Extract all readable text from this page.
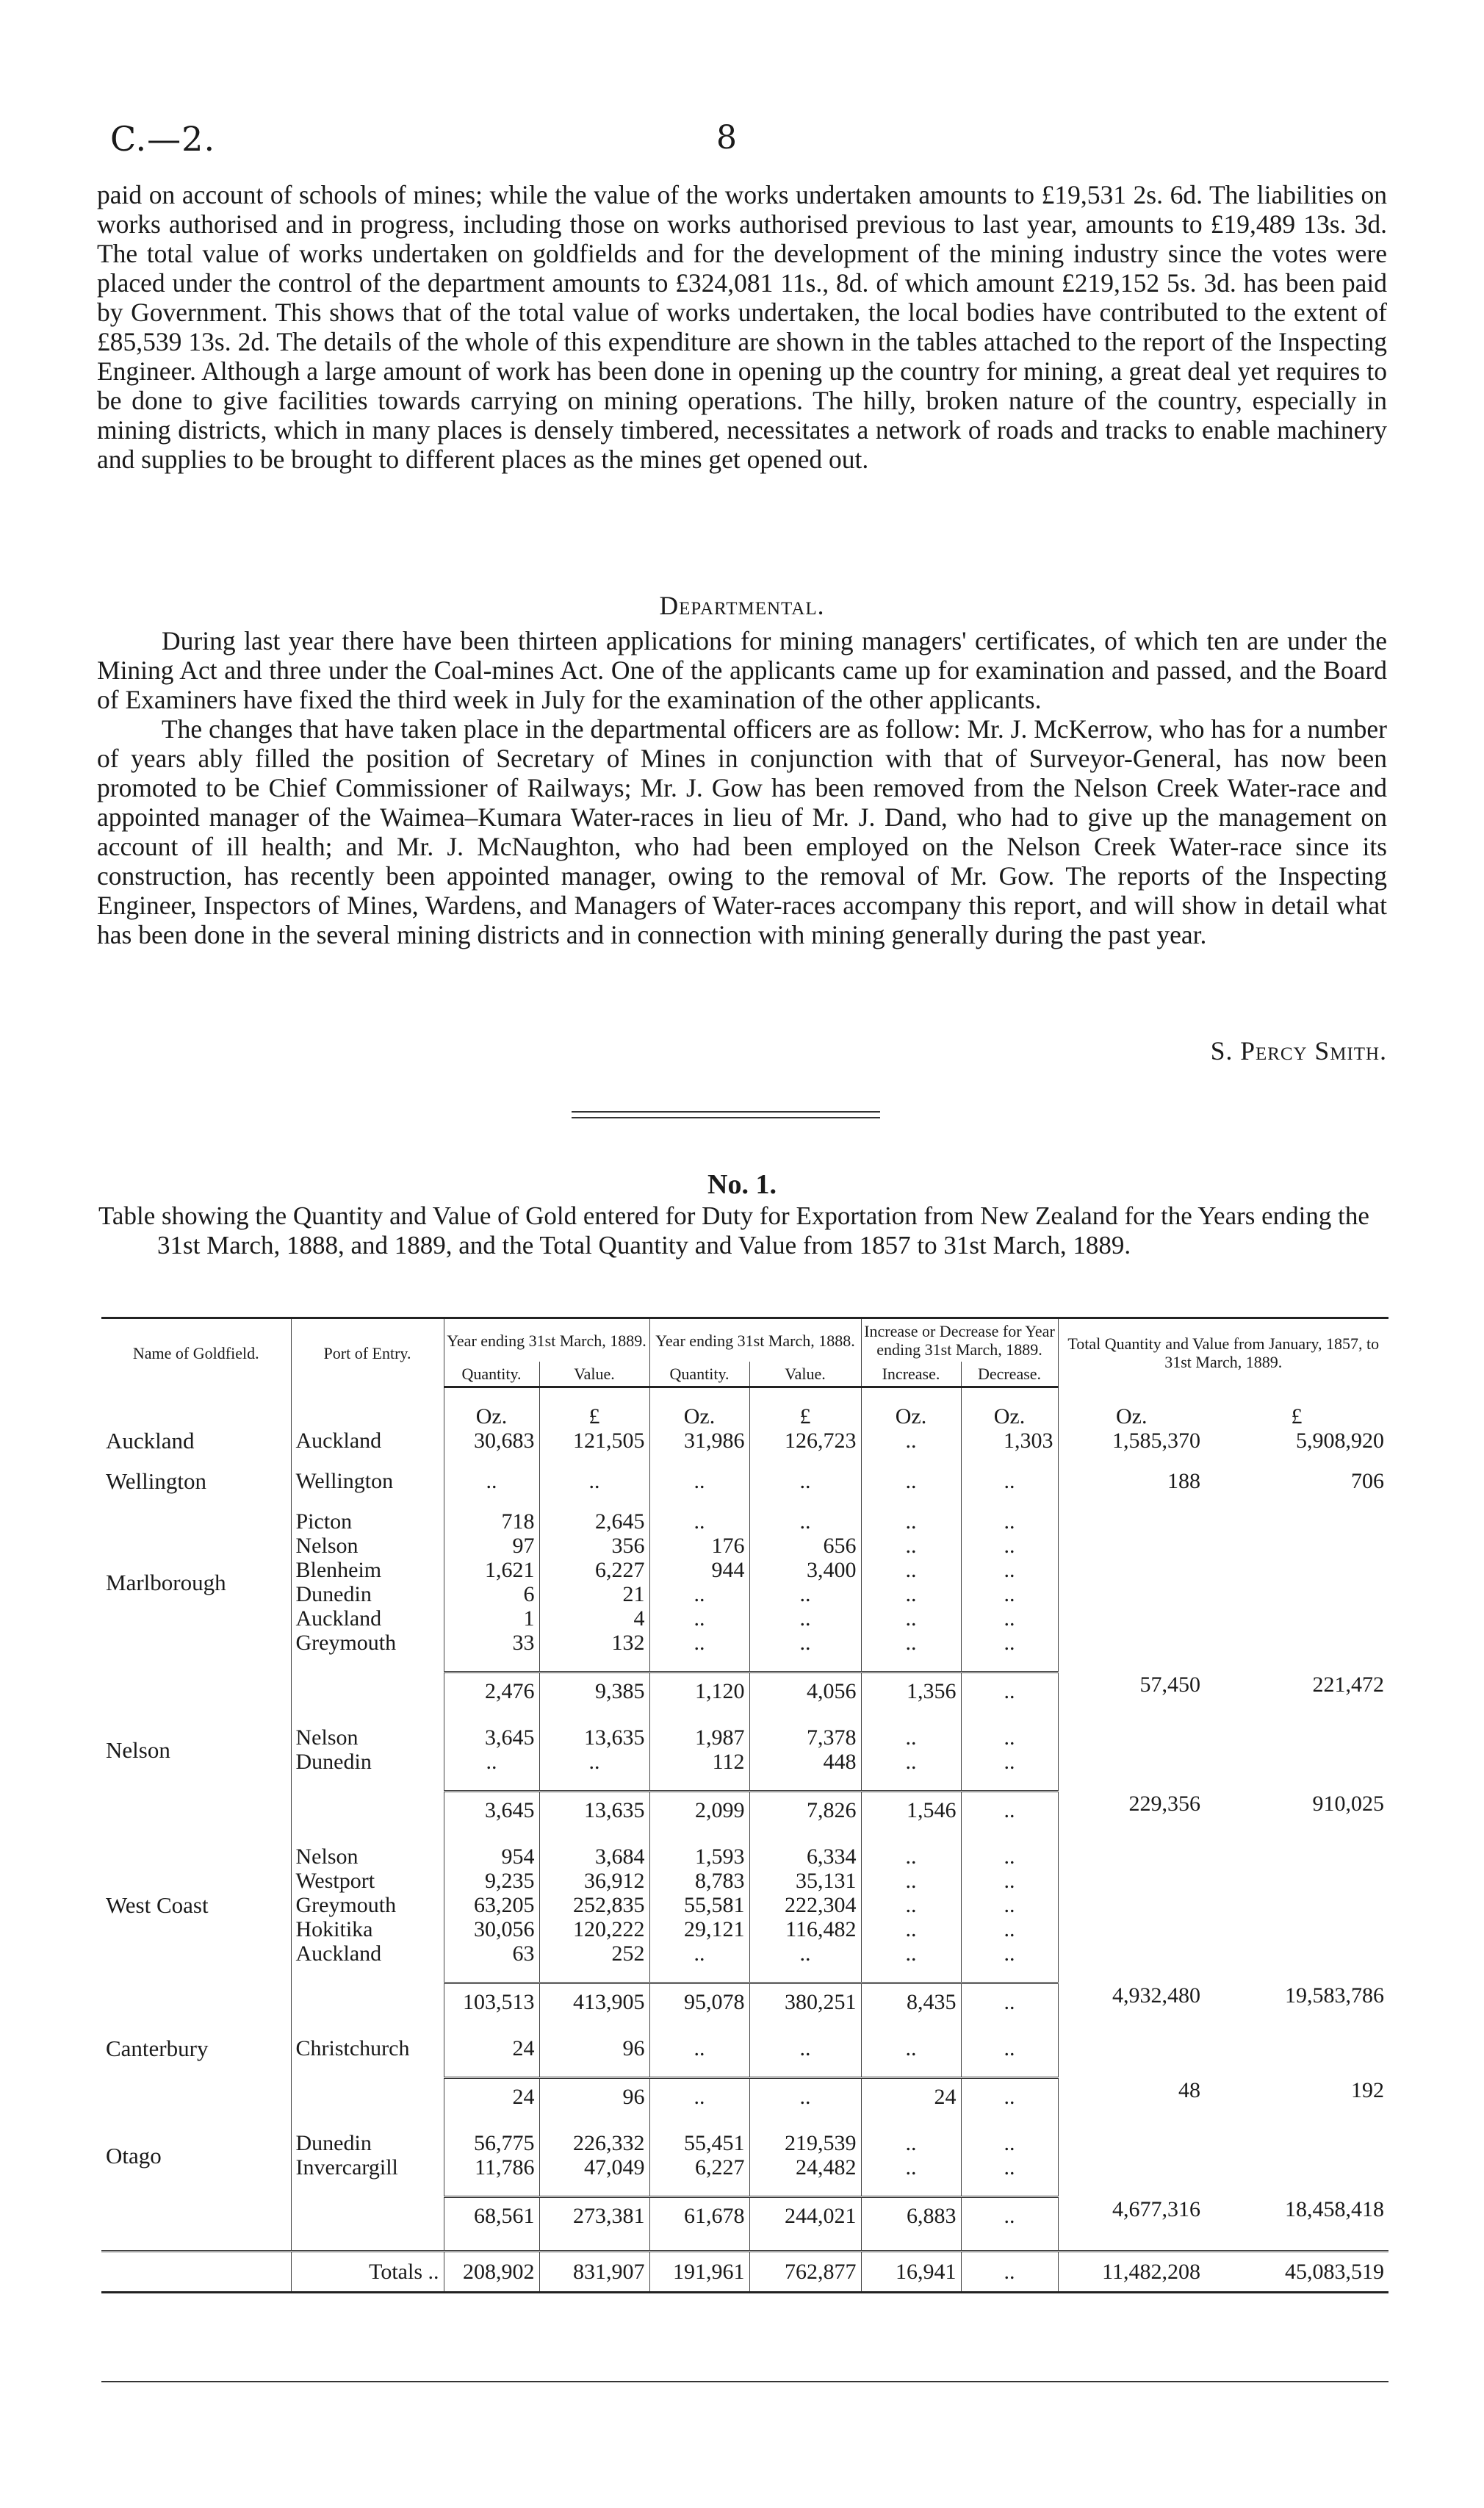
C.—2.	8

paid on account of schools of mines; while the value of the works undertaken amounts to £19,531 2s. 6d. The liabilities on works authorised and in progress, including those on works authorised previous to last year, amounts to £19,489 13s. 3d. The total value of works undertaken on goldfields and for the development of the mining industry since the votes were placed under the control of the department amounts to £324,081 11s., 8d. of which amount £219,152 5s. 3d. has been paid by Government. This shows that of the total value of works undertaken, the local bodies have contributed to the extent of £85,539 13s. 2d. The details of the whole of this expenditure are shown in the tables attached to the report of the Inspecting Engineer. Although a large amount of work has been done in opening up the country for mining, a great deal yet requires to be done to give facilities towards carrying on mining operations. The hilly, broken nature of the country, especially in mining districts, which in many places is densely timbered, necessitates a network of roads and tracks to enable machinery and supplies to be brought to different places as the mines get opened out.

Departmental.

During last year there have been thirteen applications for mining managers' certificates, of which ten are under the Mining Act and three under the Coal-mines Act. One of the applicants came up for examination and passed, and the Board of Examiners have fixed the third week in July for the examination of the other applicants.

The changes that have taken place in the departmental officers are as follow: Mr. J. McKerrow, who has for a number of years ably filled the position of Secretary of Mines in conjunction with that of Surveyor-General, has now been promoted to be Chief Commissioner of Railways; Mr. J. Gow has been removed from the Nelson Creek Water-race and appointed manager of the Waimea–Kumara Water-races in lieu of Mr. J. Dand, who had to give up the management on account of ill health; and Mr. J. McNaughton, who had been employed on the Nelson Creek Water-race since its construction, has recently been appointed manager, owing to the removal of Mr. Gow. The reports of the Inspecting Engineer, Inspectors of Mines, Wardens, and Managers of Water-races accompany this report, and will show in detail what has been done in the several mining districts and in connection with mining generally during the past year.

S. Percy Smith.
No. 1.
Table showing the Quantity and Value of Gold entered for Duty for Exportation from New Zealand for the Years ending the 31st March, 1888, and 1889, and the Total Quantity and Value from 1857 to 31st March, 1889.
Name of Goldfield.	Port of Entry.	Year ending 31st March, 1889.		Year ending 31st March, 1888.		Increase or Decrease for Year ending 31st March, 1889.		Total Quantity and Value from January, 1857, to 31st March, 1889.	
		Quantity.	Value.	Quantity.	Value.	Increase.	Decrease.		

		Oz.	£	Oz.	£	Oz.	Oz.	Oz.	£
Auckland	Auckland	30,683	121,505	31,986	126,723	..	1,303	1,585,370	5,908,920

Wellington	Wellington	..	..	..	..	..	..	188	706

Marlborough	Picton	718	2,645	..	..	..	..		
	Nelson	97	356	176	656	..	..		
	Blenheim	1,621	6,227	944	3,400	..	..		
	Dunedin	6	21	..	..	..	..		
	Auckland	1	4	..	..	..	..		
	Greymouth	33	132	..	..	..	..		

		2,476	9,385	1,120	4,056	1,356	..	57,450	221,472

Nelson	Nelson	3,645	13,635	1,987	7,378	..	..		
	Dunedin	..	..	112	448	..	..		

		3,645	13,635	2,099	7,826	1,546	..	229,356	910,025

West Coast	Nelson	954	3,684	1,593	6,334	..	..		
	Westport	9,235	36,912	8,783	35,131	..	..		
	Greymouth	63,205	252,835	55,581	222,304	..	..		
	Hokitika	30,056	120,222	29,121	116,482	..	..		
	Auckland	63	252	..	..	..	..		

		103,513	413,905	95,078	380,251	8,435	..	4,932,480	19,583,786

Canterbury	Christchurch	24	96	..	..	..	..		

		24	96	..	..	24	..	48	192

Otago	Dunedin	56,775	226,332	55,451	219,539	..	..		
	Invercargill	11,786	47,049	6,227	24,482	..	..		

		68,561	273,381	61,678	244,021	6,883	..	4,677,316	18,458,418

	Totals ..	208,902	831,907	191,961	762,877	16,941	..	11,482,208	45,083,519
